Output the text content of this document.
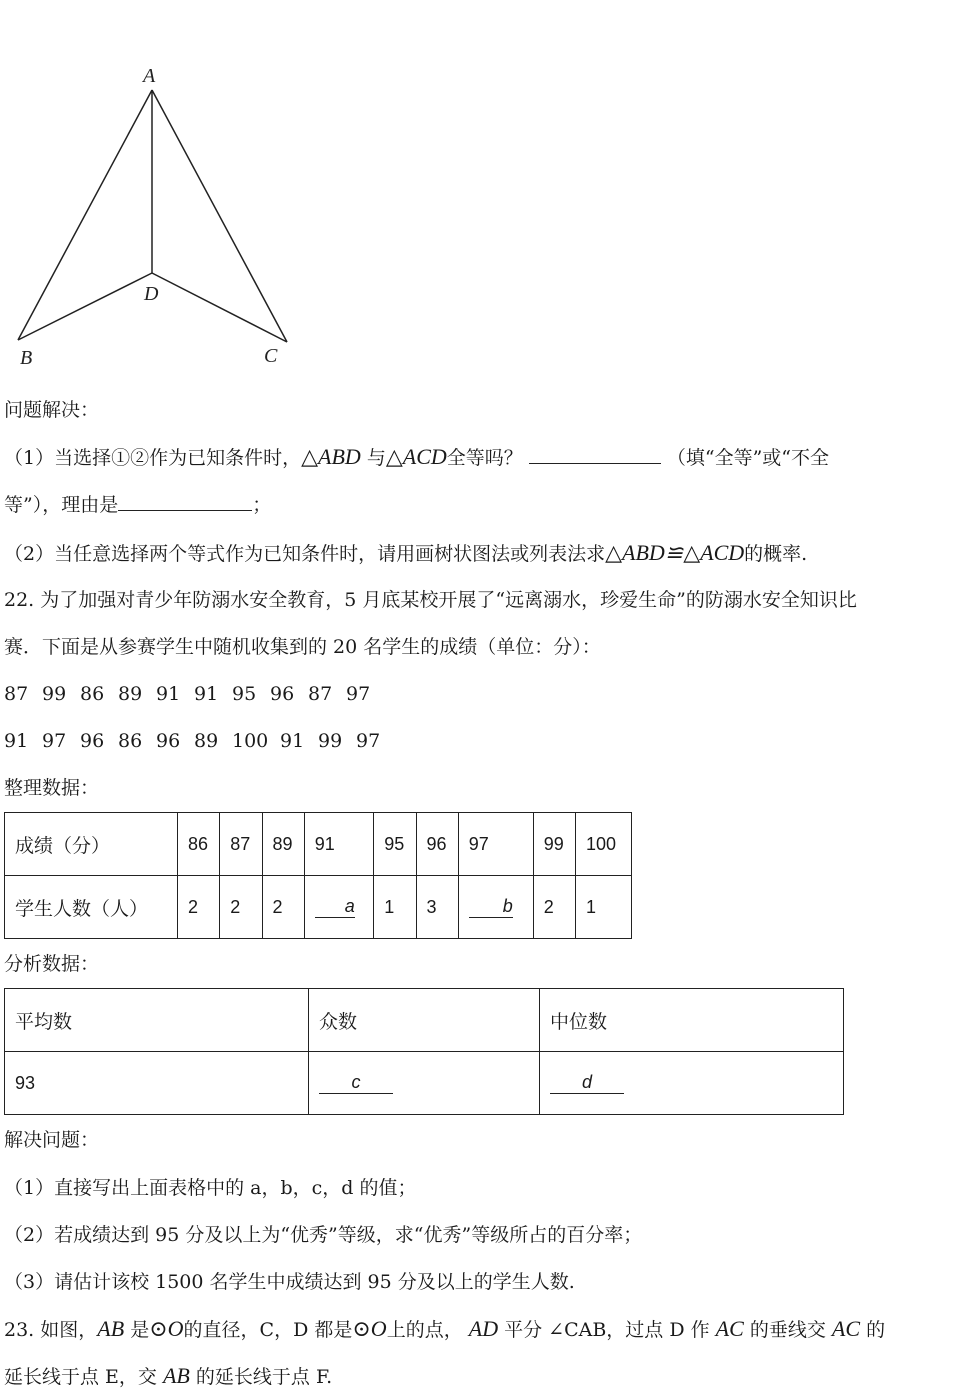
A
B	C
D
问题解决：
（1）当选择①②作为已知条件时，△ABD 与△ACD全等吗？	（填“全等”或“不全
等”），理由是	；
（2）当任意选择两个等式作为已知条件时，请用画树状图法或列表法求△ABD≌△ACD的概率.
22. 为了加强对青少年防溺水安全教育，5 月底某校开展了“远离溺水，珍爱生命”的防溺水安全知识比
赛．下面是从参赛学生中随机收集到的 20 名学生的成绩（单位：分）：
87 99 86 89 91 91 95 96 87 97
91 97 96 86 96 89 100 91 99 97
整理数据：
成绩（分）	86	87	89	91	95	96	97	99	100
学生人数（人）	2	2	2	a	1	3	b	2	1
分析数据：
平均数	众数	中位数
93	c	d
解决问题：
（1）直接写出上面表格中的 a，b，c，d 的值；
（2）若成绩达到 95 分及以上为“优秀”等级，求“优秀”等级所占的百分率；
（3）请估计该校 1500 名学生中成绩达到 95 分及以上的学生人数.
23. 如图，AB 是⊙O的直径，C，D 都是⊙O上的点， AD 平分 ∠CAB，过点 D 作 AC 的垂线交 AC 的
延长线于点 E，交 AB 的延长线于点 F.
